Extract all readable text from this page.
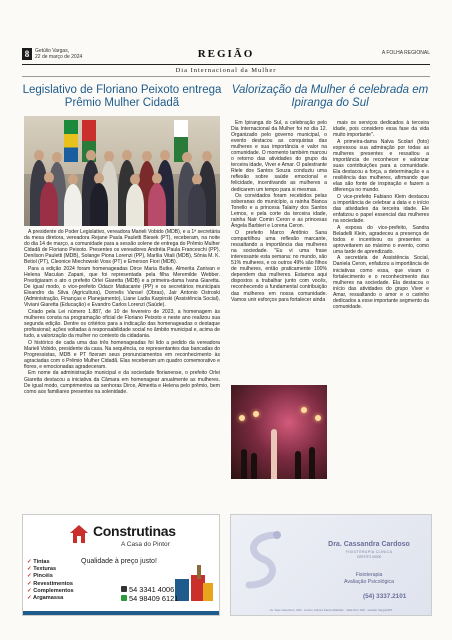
8	Getúlio Vargas,
22 de março de 2024	REGIÃO	A FOLHA REGIONAL
Dia Internacional da Mulher
Legislativo de Floriano Peixoto entrega Prêmio Mulher Cidadã

A presidente do Poder Legislativo, vereadora Marieli Vobido (MDB), e a 1ª secretária da mesa diretora, vereadora Rejane Paula Pauletti Biesek (PT), receberam, na noite do dia 14 de março, a comunidade para a sessão solene de entrega do Prêmio Mulher Cidadã de Floriano Peixoto. Presentes os vereadores Andréia Paula Franceschi (PP), Denilson Pauletti (MDB), Solange Piona Lorenzi (PP), Marília Vitali (MDB), Sônia M. K. Betiol (PT), Cleonice Miechowski Voss (PT) e Emerson Fiori (MDB).

Para a edição 2024 foram homenageadas Dirce Maria Butke, Almerita Zanivan e Helena Maculan Zapani, que foi representada pela filha Meremilde Webber. Prestigiaram o ato o prefeito Orlei Giaretta (MDB) e a primeira-dama Ivana Giaretta. De igual modo, o vice-prefeito Odacir Matiacante (PP) e os secretários municipais Eleandro da Silva (Agricultura), Dornelis Vansel (Obras), Jair Antonio Ostroski (Administração, Finanças e Planejamento), Liane Ladia Karpinski (Assistência Social), Viviani Giaretta (Educação) e Evandro Carlos Lorenzi (Saúde).

Criado pela Lei número 1.887, de 10 de fevereiro de 2023, a homenagem às mulheres consta na programação oficial de Floriano Peixoto e neste ano realizou sua segunda edição. Dentre os critérios para a indicação das homenageadas o destaque profissional; ações voltadas à responsabilidade social no âmbito municipal e, acima de tudo, a valorização da mulher no contexto da cidadania.

O histórico de cada uma das três homenageadas foi lido a pedido da vereadora Marieli Vobido, presidente da casa. Na sequência, os representantes das bancadas do Progressistas, MDB e PT fizeram seus pronunciamentos em reconhecimento às agraciadas com o Prêmio Mulher Cidadã. Elas receberam um quadro comemorativo e flores, e emocionadas agradeceram.

Em nome da administração municipal e da sociedade florianense, o prefeito Orlei Giaretta destacou a iniciativa da Câmara em homenagear anualmente as mulheres. De igual modo, cumprimentou as senhoras Dirce, Almerita e Helena pelo prêmio, bem como aos familiares presentes na solenidade.

Valorização da Mulher é celebrada em Ipiranga do Sul

Em Ipiranga do Sul, a celebração pelo Dia Internacional da Mulher foi no dia 12. Organizado pelo governo municipal, o evento destacou as conquistas das mulheres e sua importância e valor na comunidade. O momento também marcou o retorno das atividades do grupo da terceira idade, Viver e Amar. O palestrante Riele dos Santos Souza conduziu uma reflexão sobre saúde emocional e felicidade, incentivando as mulheres a dedicarem um tempo para si mesmas.

Os convidados foram recebidos pelas soberanas do município, a rainha Bianca Tonello e a princesa Talainy dos Santos Lemos, e pela corte da terceira idade, rainha Nair Comin Ceron e as princesas Ângela Barbieri e Lorena Ceron.

O prefeito Marco Antônio Sana compartilhou uma reflexão marcante, ressaltando a importância das mulheres na sociedade. "Eu vi uma frase interessante esta semana: no mundo, são 51% mulheres, e os outros 49% são filhos de mulheres, então praticamente 100% dependem das mulheres. Estamos aqui dispostos a trabalhar junto com vocês, reconhecendo a fundamental contribuição das mulheres em nossa comunidade. Vamos unir esforços para fortalecer ainda

mais os serviços dedicados à terceira idade, pois considero essa fase da vida muito importante".

A primeira-dama Nalva Scolari (foto) expressou sua admiração por todas as mulheres presentes e ressaltou a importância de reconhecer e valorizar suas contribuições para a comunidade. Ela destacou a força, a determinação e a resiliência das mulheres, afirmando que elas são fonte de inspiração e fazem a diferença no mundo.

O vice-prefeito Fabiano Klein destacou a importância de celebrar a data e o início das atividades da terceira idade. Ele enfatizou o papel essencial das mulheres na sociedade.

A esposa do vice-prefeito, Sandra Beladelli Klein, agradeceu a presença de todos e incentivou os presentes a aproveitarem ao máximo o evento, como uma tarde de aprendizado.

A secretária de Assistência Social, Daniela Ceron, enfatizou a importância de iniciativas como essa, que visam o fortalecimento e o reconhecimento das mulheres na sociedade. Ela destacou o início das atividades do grupo Viver e Amar, ressaltando o amor e o carinho dedicados a esse importante segmento da comunidade.

Construtinas
A Casa do Pintor
✓ Tintas
✓ Texturas
✓ Pincéis
✓ Revestimentos
✓ Complementos
✓ Argamassa
Qualidade à preço justo!
54 3341 4006
54 98409 6121
Dra. Cassandra Cardoso
FISIOTERAPIA CLÍNICA
CREFITO 00000
Fisioterapia
Avaliação Psicológica
(54) 3337.2101
Av. Sete Setembro, 000 - Centro Clínica Santa Mathilde - Sala 00 e 000 - Getúlio Vargas/RS
